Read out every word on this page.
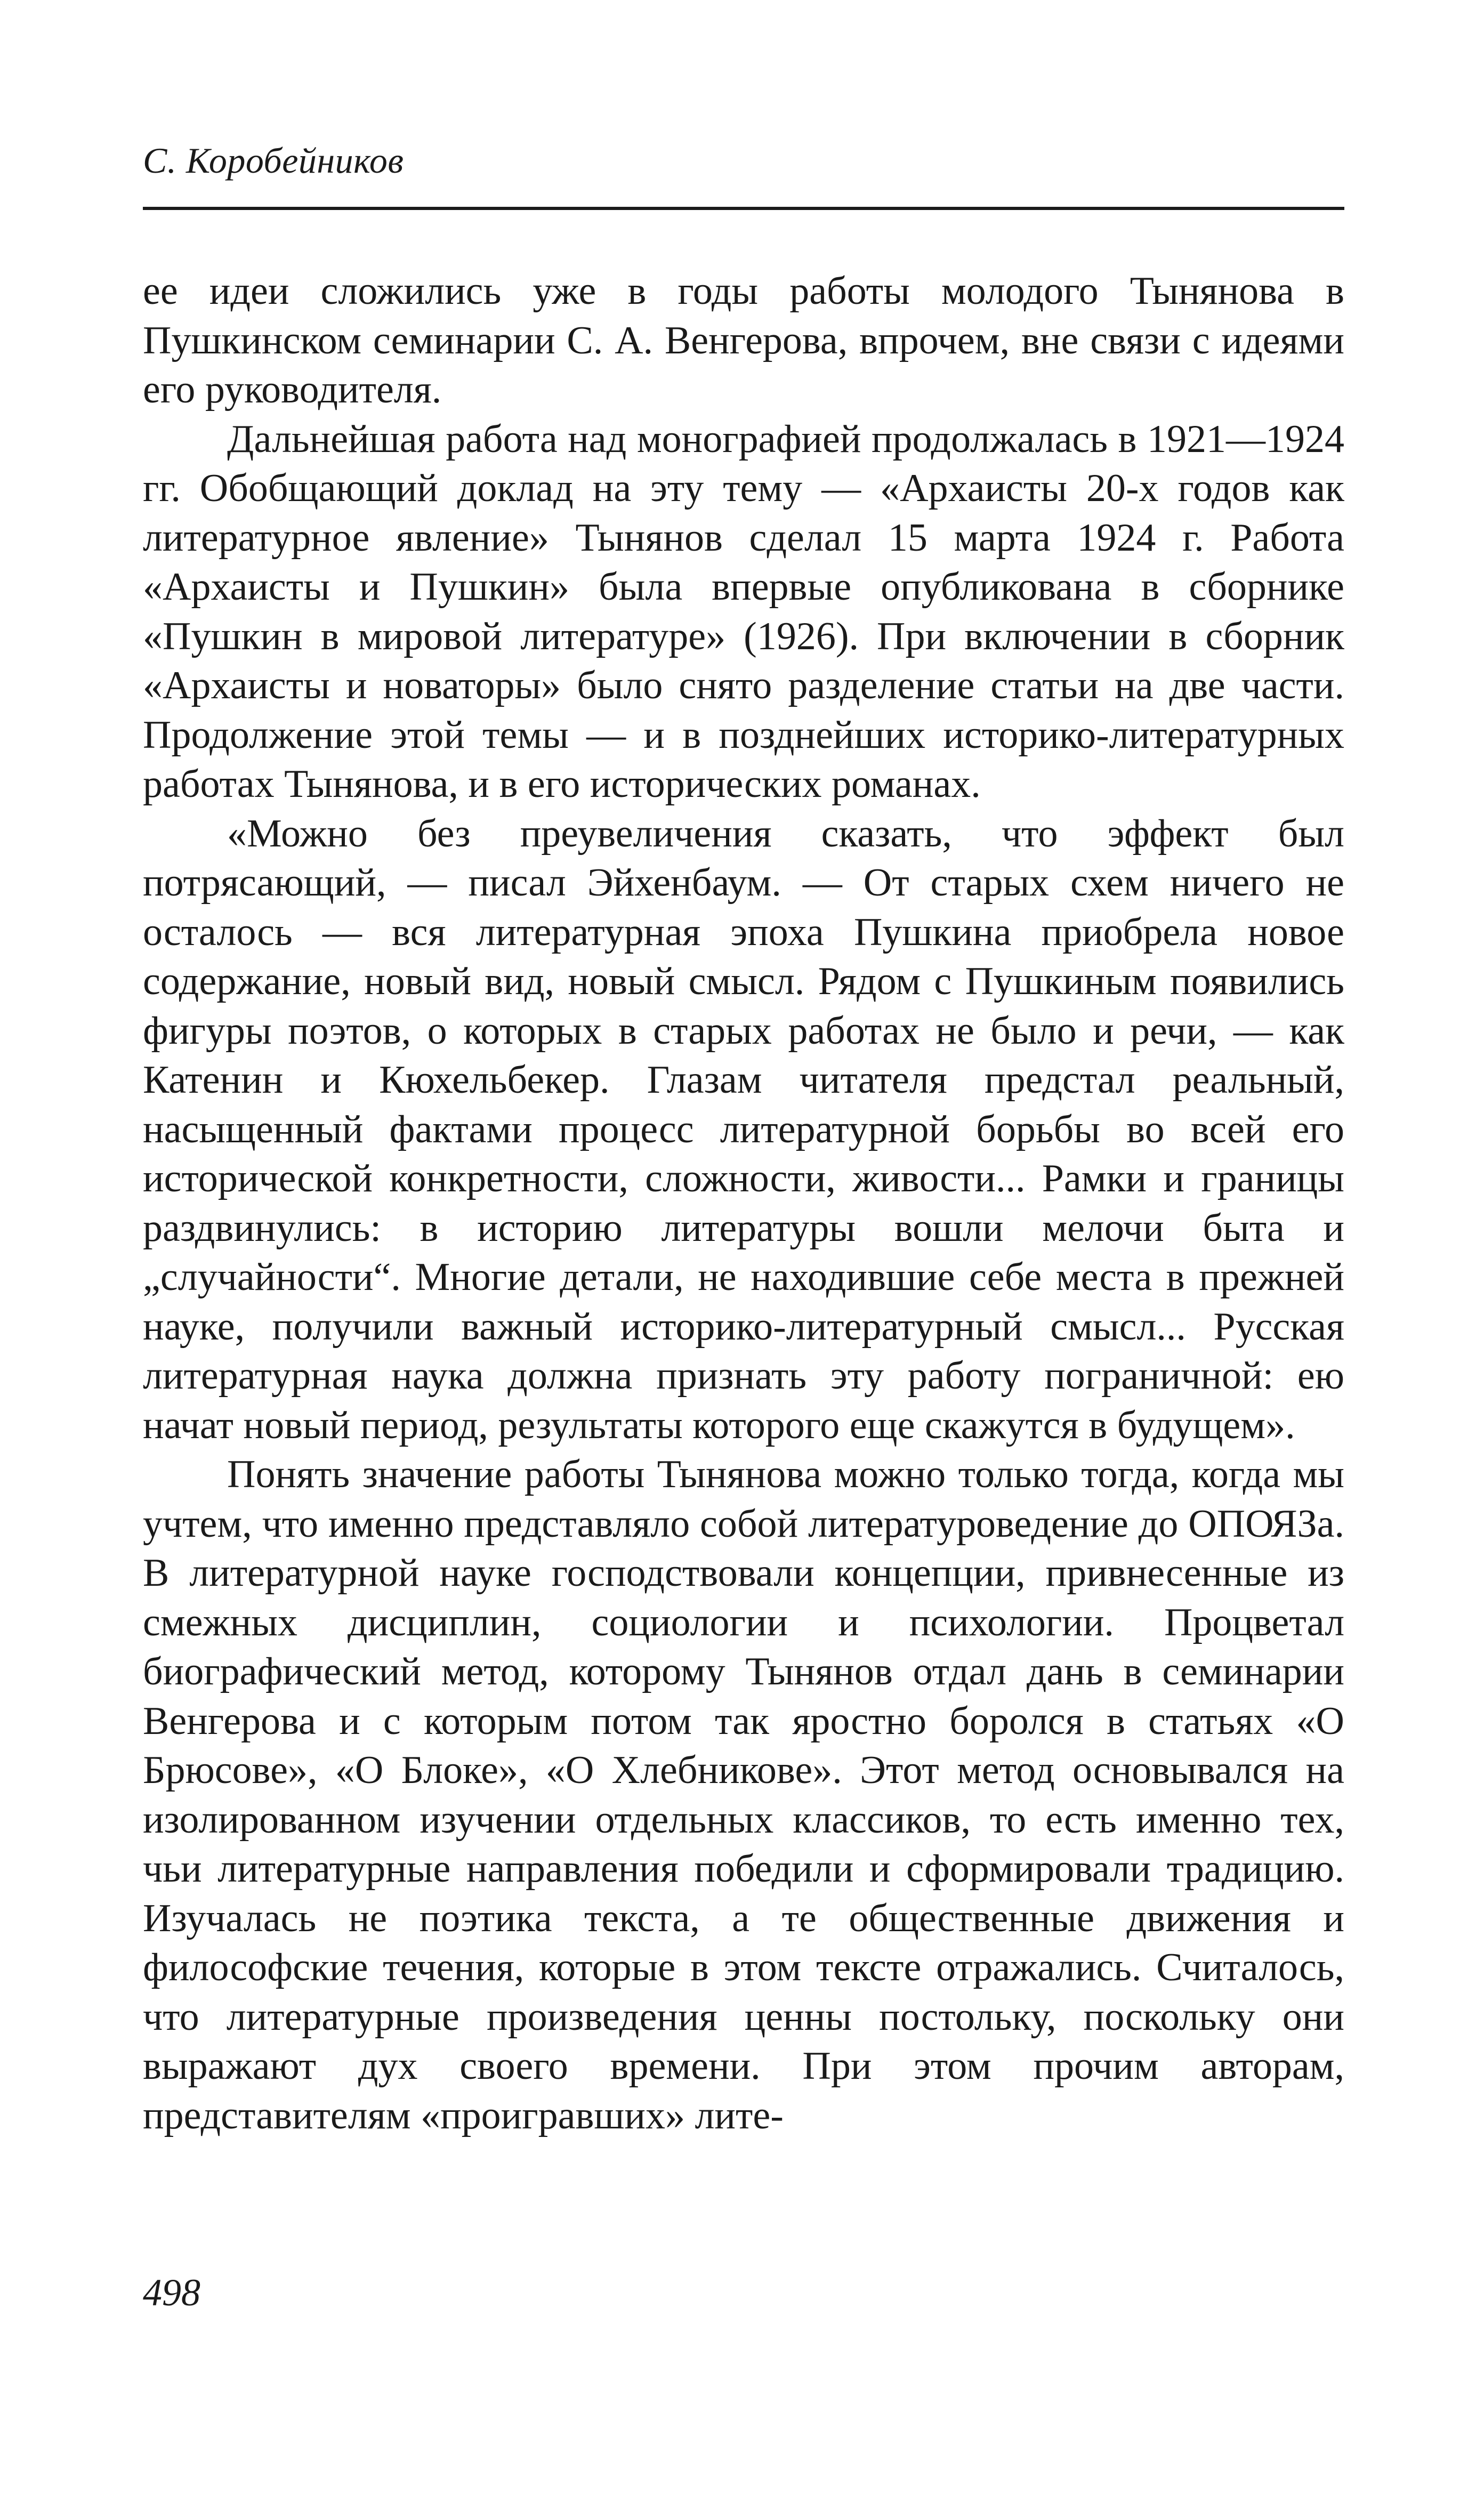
С. Коробейников

ее идеи сложились уже в годы работы молодого Тынянова в Пушкинском семинарии С. А. Венгерова, впрочем, вне связи с идеями его руководителя.

Дальнейшая работа над монографией продолжалась в 1921—1924 гг. Обобщающий доклад на эту тему — «Архаисты 20-х годов как литературное явление» Тынянов сделал 15 марта 1924 г. Работа «Архаисты и Пушкин» была впервые опубликована в сборнике «Пушкин в мировой литературе» (1926). При включении в сборник «Архаисты и новаторы» было снято разделение статьи на две части. Продолжение этой темы — и в позднейших историко-литературных работах Тынянова, и в его исторических романах.

«Можно без преувеличения сказать, что эффект был потрясающий, — писал Эйхенбаум. — От старых схем ничего не осталось — вся литературная эпоха Пушкина приобрела новое содержание, новый вид, новый смысл. Рядом с Пушкиным появились фигуры поэтов, о которых в старых работах не было и речи, — как Катенин и Кюхельбекер. Глазам читателя предстал реальный, насыщенный фактами процесс литературной борьбы во всей его исторической конкретности, сложности, живости... Рамки и границы раздвинулись: в историю литературы вошли мелочи быта и „случайности“. Многие детали, не находившие себе места в прежней науке, получили важный историко-литературный смысл... Русская литературная наука должна признать эту работу пограничной: ею начат новый период, результаты которого еще скажутся в будущем».

Понять значение работы Тынянова можно только тогда, когда мы учтем, что именно представляло собой литературоведение до ОПОЯЗа. В литературной науке господствовали концепции, привнесенные из смежных дисциплин, социологии и психологии. Процветал биографический метод, которому Тынянов отдал дань в семинарии Венгерова и с которым потом так яростно боролся в статьях «О Брюсове», «О Блоке», «О Хлебникове». Этот метод основывался на изолированном изучении отдельных классиков, то есть именно тех, чьи литературные направления победили и сформировали традицию. Изучалась не поэтика текста, а те общественные движения и философские течения, которые в этом тексте отражались. Считалось, что литературные произведения ценны постольку, поскольку они выражают дух своего времени. При этом прочим авторам, представителям «проигравших» лите-

498
